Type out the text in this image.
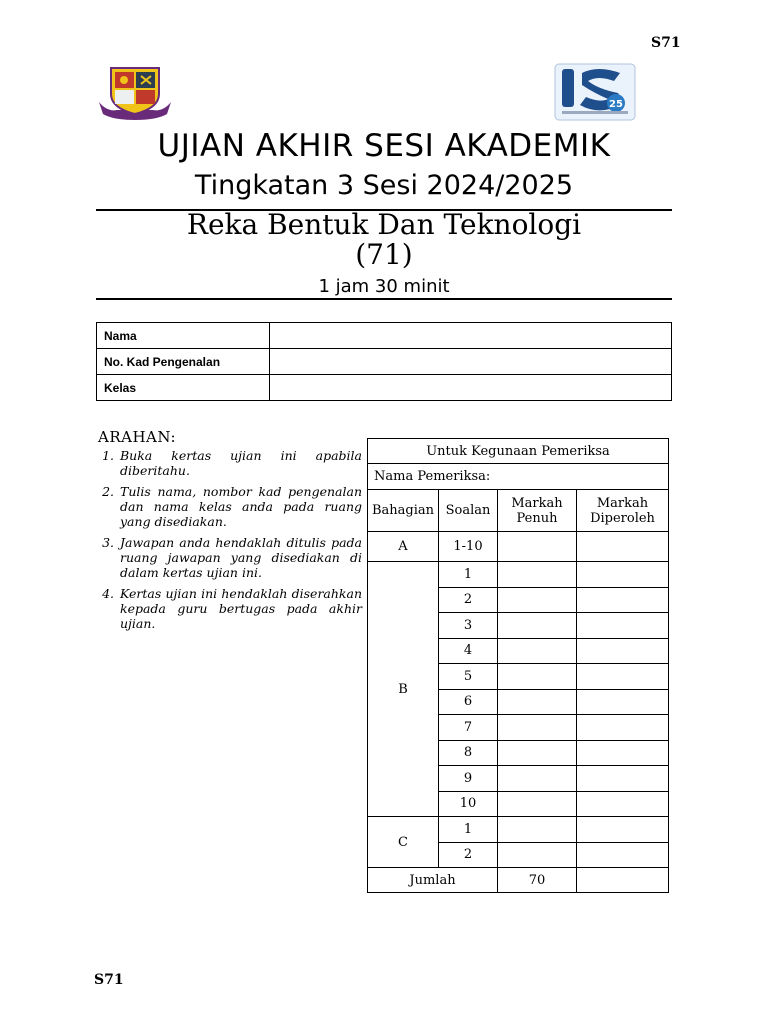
S71
25
UJIAN AKHIR SESI AKADEMIK
Tingkatan 3 Sesi 2024/2025
Reka Bentuk Dan Teknologi
(71)
1 jam 30 minit
Nama	
No. Kad Pengenalan	
Kelas	
ARAHAN:
1. Buka kertas ujian ini apabila diberitahu.
2. Tulis nama, nombor kad pengenalan dan nama kelas anda pada ruang yang disediakan.
3. Jawapan anda hendaklah ditulis pada ruang jawapan yang disediakan di dalam kertas ujian ini.
4. Kertas ujian ini hendaklah diserahkan kepada guru bertugas pada akhir ujian.
Untuk Kegunaan Pemeriksa			
Nama Pemeriksa:			
Bahagian	Soalan	Markah Penuh	Markah Diperoleh
A	1-10		
B	1		
	2		
	3		
	4		
	5		
	6		
	7		
	8		
	9		
	10		
C	1		
	2		
Jumlah		70	
S71
